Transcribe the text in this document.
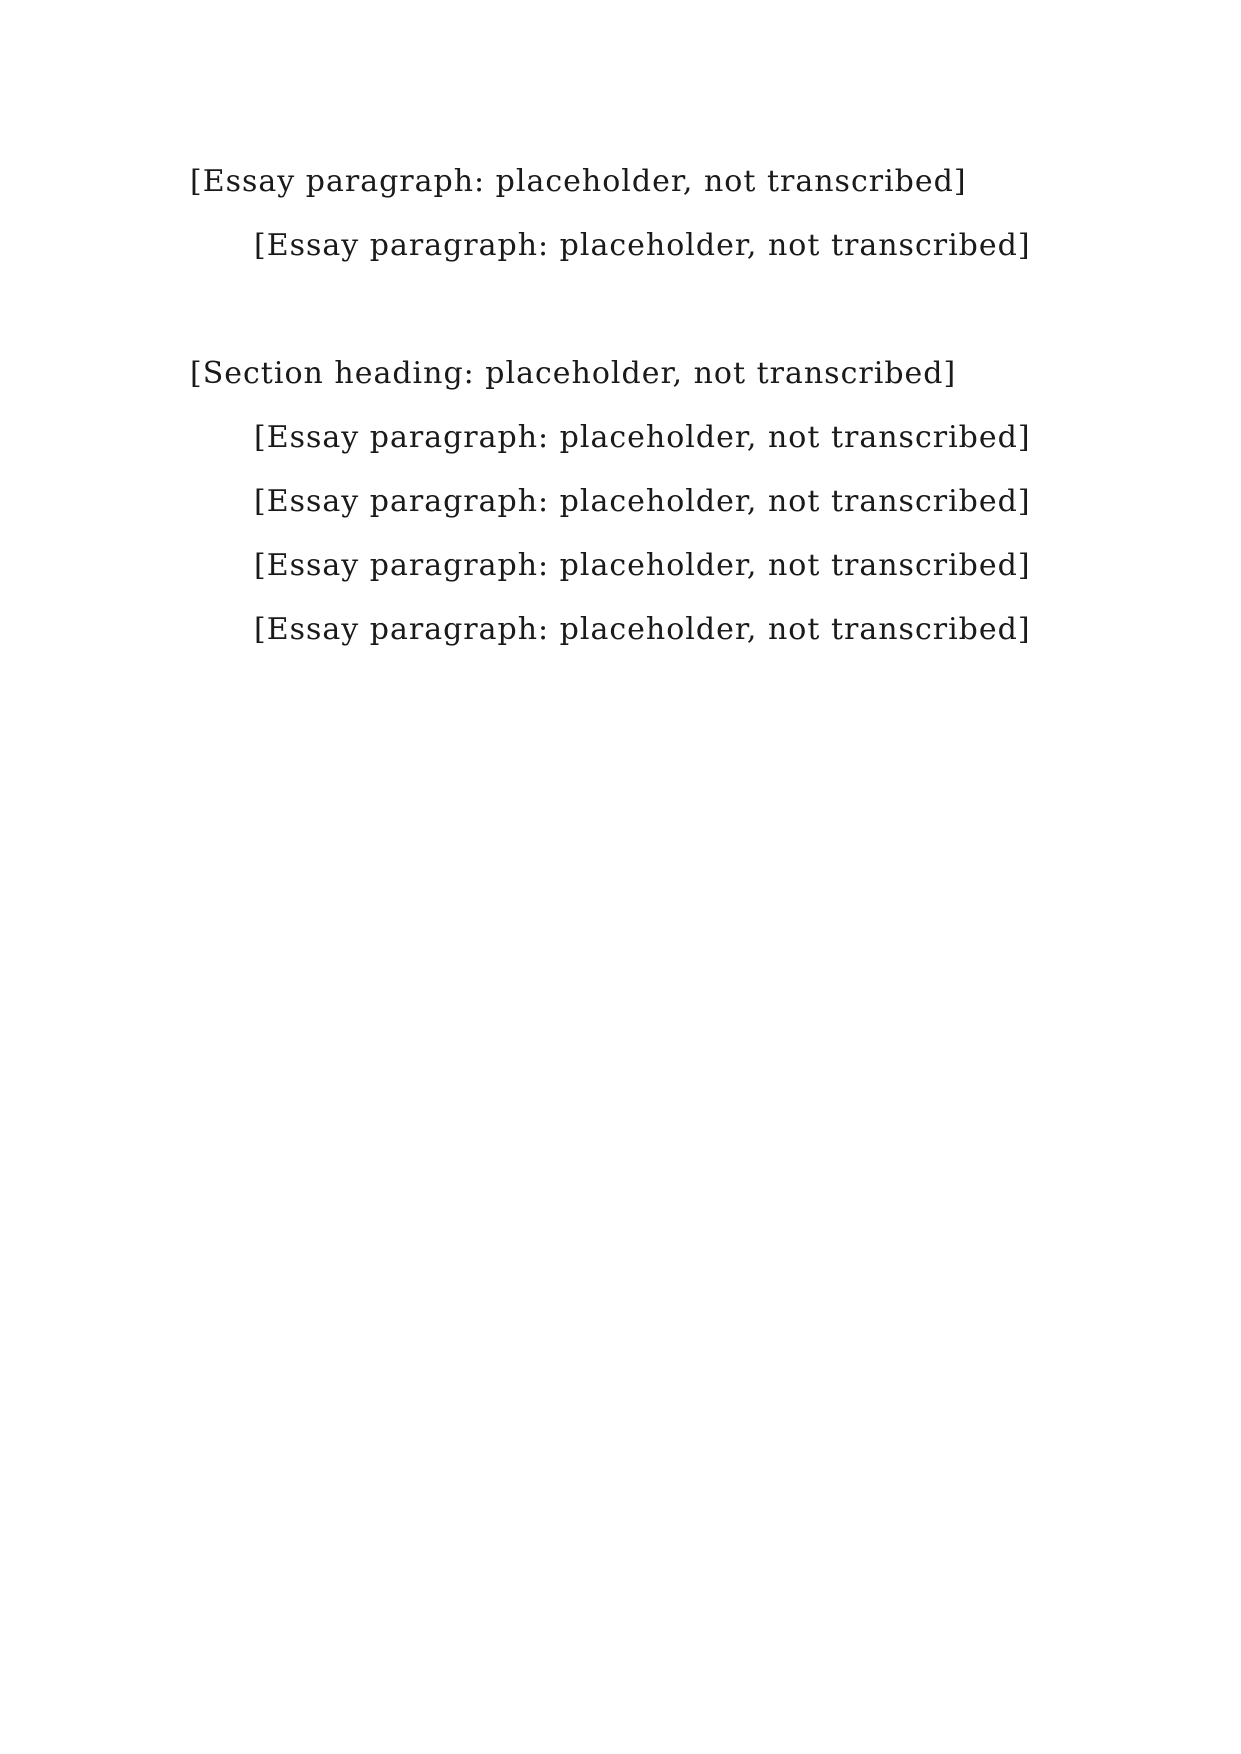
[Essay paragraph: placeholder, not transcribed]

[Essay paragraph: placeholder, not transcribed]

[Section heading: placeholder, not transcribed]

[Essay paragraph: placeholder, not transcribed]

[Essay paragraph: placeholder, not transcribed]

[Essay paragraph: placeholder, not transcribed]

[Essay paragraph: placeholder, not transcribed]
